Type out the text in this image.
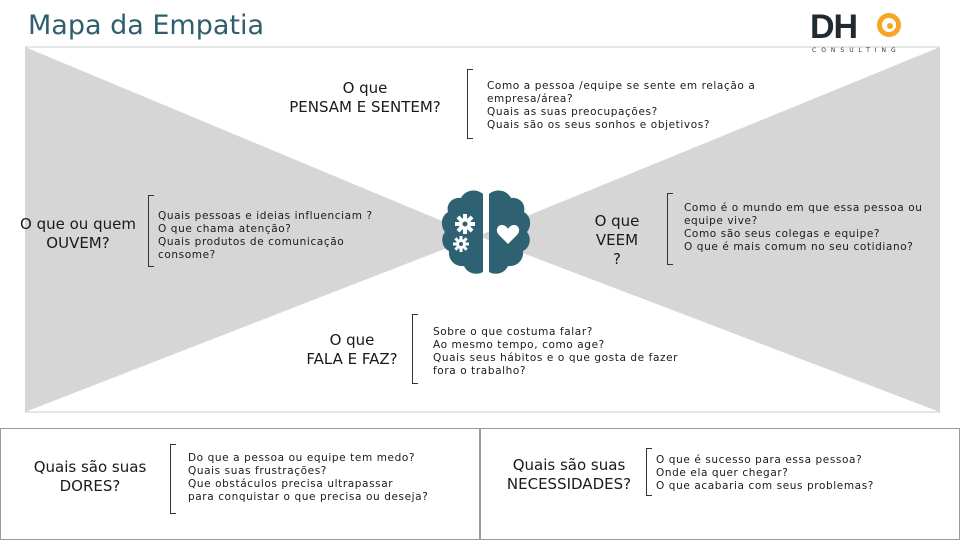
Mapa da Empatia	DH
CONSULTING
O que
PENSAM E SENTEM?
Como a pessoa /equipe se sente em relação a
empresa/área?
Quais as suas preocupações?
Quais são os seus sonhos e objetivos?
O que ou quem
OUVEM?
Quais pessoas e ideias influenciam ?
O que chama atenção?
Quais produtos de comunicação
consome?
O que
VEEM
?
Como é o mundo em que essa pessoa ou
equipe vive?
Como são seus colegas e equipe?
O que é mais comum no seu cotidiano?
O que
FALA E FAZ?
Sobre o que costuma falar?
Ao mesmo tempo, como age?
Quais seus hábitos e o que gosta de fazer
fora o trabalho?
Quais são suas
DORES?
Do que a pessoa ou equipe tem medo?
Quais suas frustrações?
Que obstáculos precisa ultrapassar
para conquistar o que precisa ou deseja?
Quais são suas
NECESSIDADES?
O que é sucesso para essa pessoa?
Onde ela quer chegar?
O que acabaria com seus problemas?
